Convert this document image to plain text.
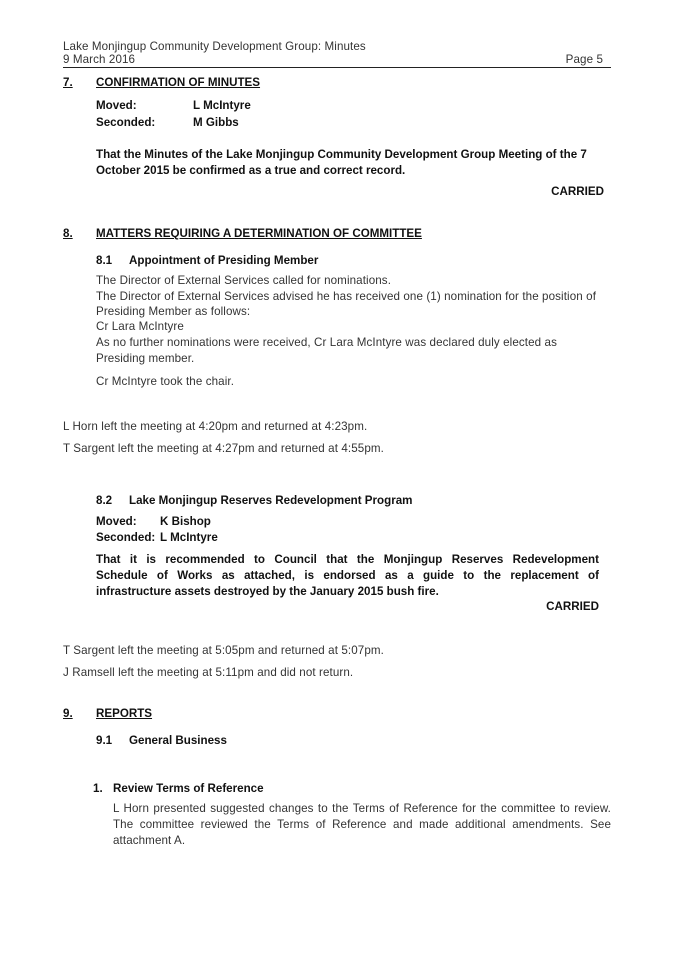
Lake Monjingup Community Development Group: Minutes
9 March 2016	Page 5
7. CONFIRMATION OF MINUTES
Moved:	L McIntyre
Seconded:	M Gibbs
That the Minutes of the Lake Monjingup Community Development Group Meeting of the 7
October 2015 be confirmed as a true and correct record.
CARRIED
8. MATTERS REQUIRING A DETERMINATION OF COMMITTEE
8.1 Appointment of Presiding Member
The Director of External Services called for nominations.
The Director of External Services advised he has received one (1) nomination for the position of
Presiding Member as follows:
Cr Lara McIntyre
As no further nominations were received, Cr Lara McIntyre was declared duly elected as
Presiding member.
Cr McIntyre took the chair.
L Horn left the meeting at 4:20pm and returned at 4:23pm.
T Sargent left the meeting at 4:27pm and returned at 4:55pm.
8.2 Lake Monjingup Reserves Redevelopment Program
Moved: K Bishop
Seconded: L McIntyre
That it is recommended to Council that the Monjingup Reserves Redevelopment
Schedule of Works as attached, is endorsed as a guide to the replacement of
infrastructure assets destroyed by the January 2015 bush fire.
CARRIED
T Sargent left the meeting at 5:05pm and returned at 5:07pm.
J Ramsell left the meeting at 5:11pm and did not return.
9. REPORTS
9.1 General Business
1. Review Terms of Reference
L Horn presented suggested changes to the Terms of Reference for the committee to review.
The committee reviewed the Terms of Reference and made additional amendments. See
attachment A.
